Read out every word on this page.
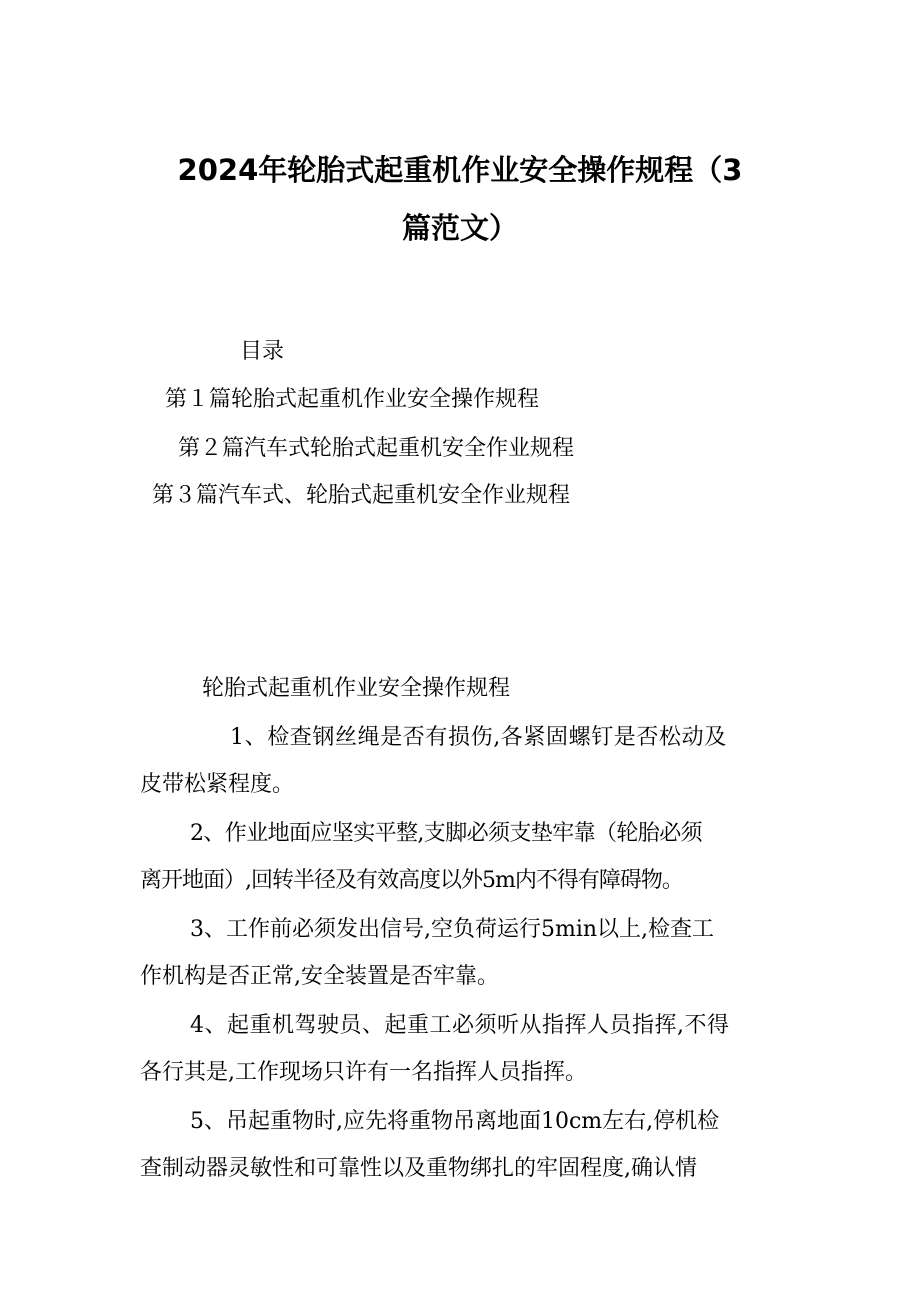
2024年轮胎式起重机作业安全操作规程（3
篇范文）
目录
第１篇轮胎式起重机作业安全操作规程
第２篇汽车式轮胎式起重机安全作业规程
第３篇汽车式、轮胎式起重机安全作业规程
轮胎式起重机作业安全操作规程
1、检查钢丝绳是否有损伤,各紧固螺钉是否松动及
皮带松紧程度。
2、作业地面应坚实平整,支脚必须支垫牢靠（轮胎必须
离开地面）,回转半径及有效高度以外5m内不得有障碍物。
3、工作前必须发出信号,空负荷运行5min以上,检查工
作机构是否正常,安全装置是否牢靠。
4、起重机驾驶员、起重工必须听从指挥人员指挥,不得
各行其是,工作现场只许有一名指挥人员指挥。
5、吊起重物时,应先将重物吊离地面10cm左右,停机检
查制动器灵敏性和可靠性以及重物绑扎的牢固程度,确认情
